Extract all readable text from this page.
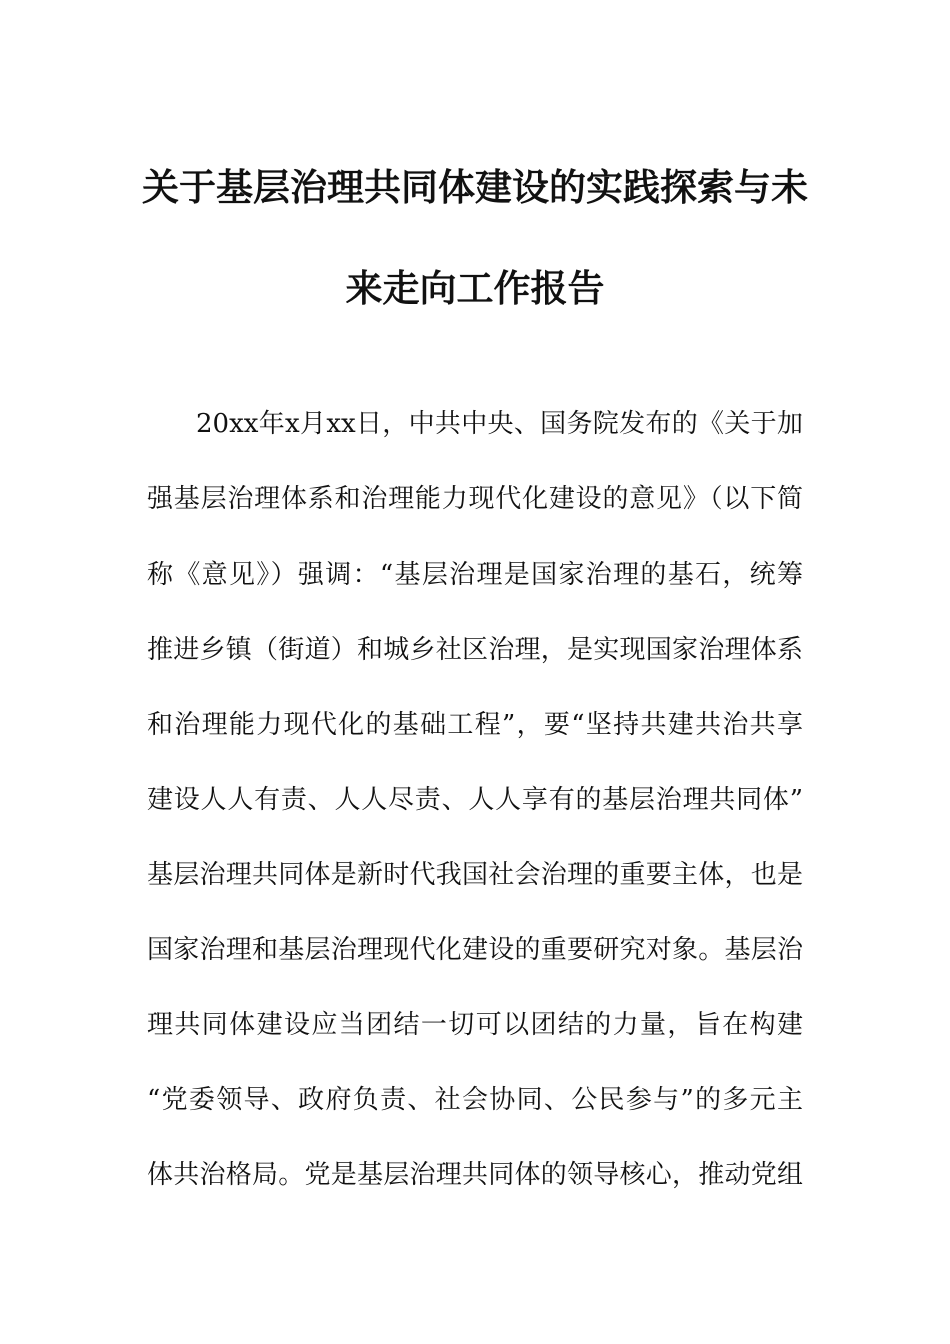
关于基层治理共同体建设的实践探索与未
来走向工作报告
20xx年x月xx日，中共中央、国务院发布的《关于加
强基层治理体系和治理能力现代化建设的意见》（以下简
称《意见》）强调：“基层治理是国家治理的基石，统筹
推进乡镇（街道）和城乡社区治理，是实现国家治理体系
和治理能力现代化的基础工程”，要“坚持共建共治共享
建设人人有责、人人尽责、人人享有的基层治理共同体”
基层治理共同体是新时代我国社会治理的重要主体，也是
国家治理和基层治理现代化建设的重要研究对象。基层治
理共同体建设应当团结一切可以团结的力量，旨在构建
“党委领导、政府负责、社会协同、公民参与”的多元主
体共治格局。党是基层治理共同体的领导核心，推动党组
